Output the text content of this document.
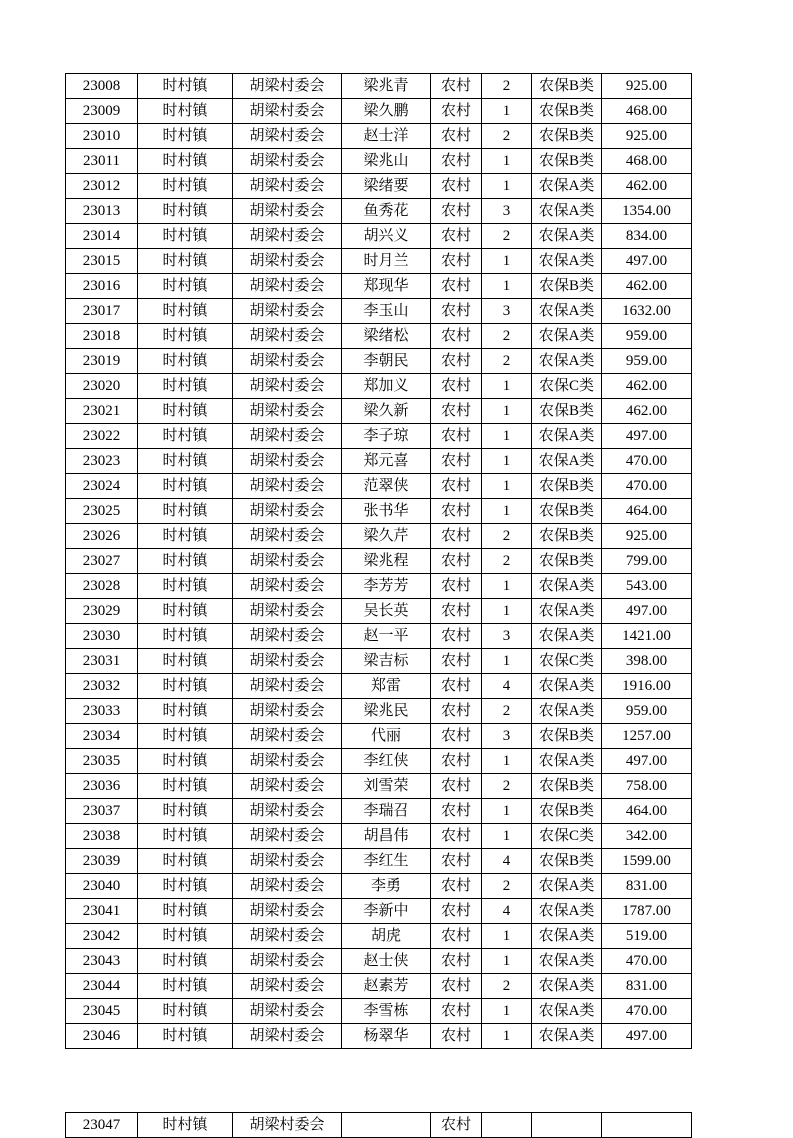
23008	时村镇	胡梁村委会	梁兆青	农村	2	农保B类	925.00
23009	时村镇	胡梁村委会	梁久鹏	农村	1	农保B类	468.00
23010	时村镇	胡梁村委会	赵士洋	农村	2	农保B类	925.00
23011	时村镇	胡梁村委会	梁兆山	农村	1	农保B类	468.00
23012	时村镇	胡梁村委会	梁绪要	农村	1	农保A类	462.00
23013	时村镇	胡梁村委会	鱼秀花	农村	3	农保A类	1354.00
23014	时村镇	胡梁村委会	胡兴义	农村	2	农保A类	834.00
23015	时村镇	胡梁村委会	时月兰	农村	1	农保A类	497.00
23016	时村镇	胡梁村委会	郑现华	农村	1	农保B类	462.00
23017	时村镇	胡梁村委会	李玉山	农村	3	农保A类	1632.00
23018	时村镇	胡梁村委会	梁绪松	农村	2	农保A类	959.00
23019	时村镇	胡梁村委会	李朝民	农村	2	农保A类	959.00
23020	时村镇	胡梁村委会	郑加义	农村	1	农保C类	462.00
23021	时村镇	胡梁村委会	梁久新	农村	1	农保B类	462.00
23022	时村镇	胡梁村委会	李子琼	农村	1	农保A类	497.00
23023	时村镇	胡梁村委会	郑元喜	农村	1	农保A类	470.00
23024	时村镇	胡梁村委会	范翠侠	农村	1	农保B类	470.00
23025	时村镇	胡梁村委会	张书华	农村	1	农保B类	464.00
23026	时村镇	胡梁村委会	梁久芹	农村	2	农保B类	925.00
23027	时村镇	胡梁村委会	梁兆程	农村	2	农保B类	799.00
23028	时村镇	胡梁村委会	李芳芳	农村	1	农保A类	543.00
23029	时村镇	胡梁村委会	吴长英	农村	1	农保A类	497.00
23030	时村镇	胡梁村委会	赵一平	农村	3	农保A类	1421.00
23031	时村镇	胡梁村委会	梁吉标	农村	1	农保C类	398.00
23032	时村镇	胡梁村委会	郑雷	农村	4	农保A类	1916.00
23033	时村镇	胡梁村委会	梁兆民	农村	2	农保A类	959.00
23034	时村镇	胡梁村委会	代丽	农村	3	农保B类	1257.00
23035	时村镇	胡梁村委会	李红侠	农村	1	农保A类	497.00
23036	时村镇	胡梁村委会	刘雪荣	农村	2	农保B类	758.00
23037	时村镇	胡梁村委会	李瑞召	农村	1	农保B类	464.00
23038	时村镇	胡梁村委会	胡昌伟	农村	1	农保C类	342.00
23039	时村镇	胡梁村委会	李红生	农村	4	农保B类	1599.00
23040	时村镇	胡梁村委会	李勇	农村	2	农保A类	831.00
23041	时村镇	胡梁村委会	李新中	农村	4	农保A类	1787.00
23042	时村镇	胡梁村委会	胡虎	农村	1	农保A类	519.00
23043	时村镇	胡梁村委会	赵士侠	农村	1	农保A类	470.00
23044	时村镇	胡梁村委会	赵素芳	农村	2	农保A类	831.00
23045	时村镇	胡梁村委会	李雪栋	农村	1	农保A类	470.00
23046	时村镇	胡梁村委会	杨翠华	农村	1	农保A类	497.00
23047	时村镇	胡梁村委会		农村			
